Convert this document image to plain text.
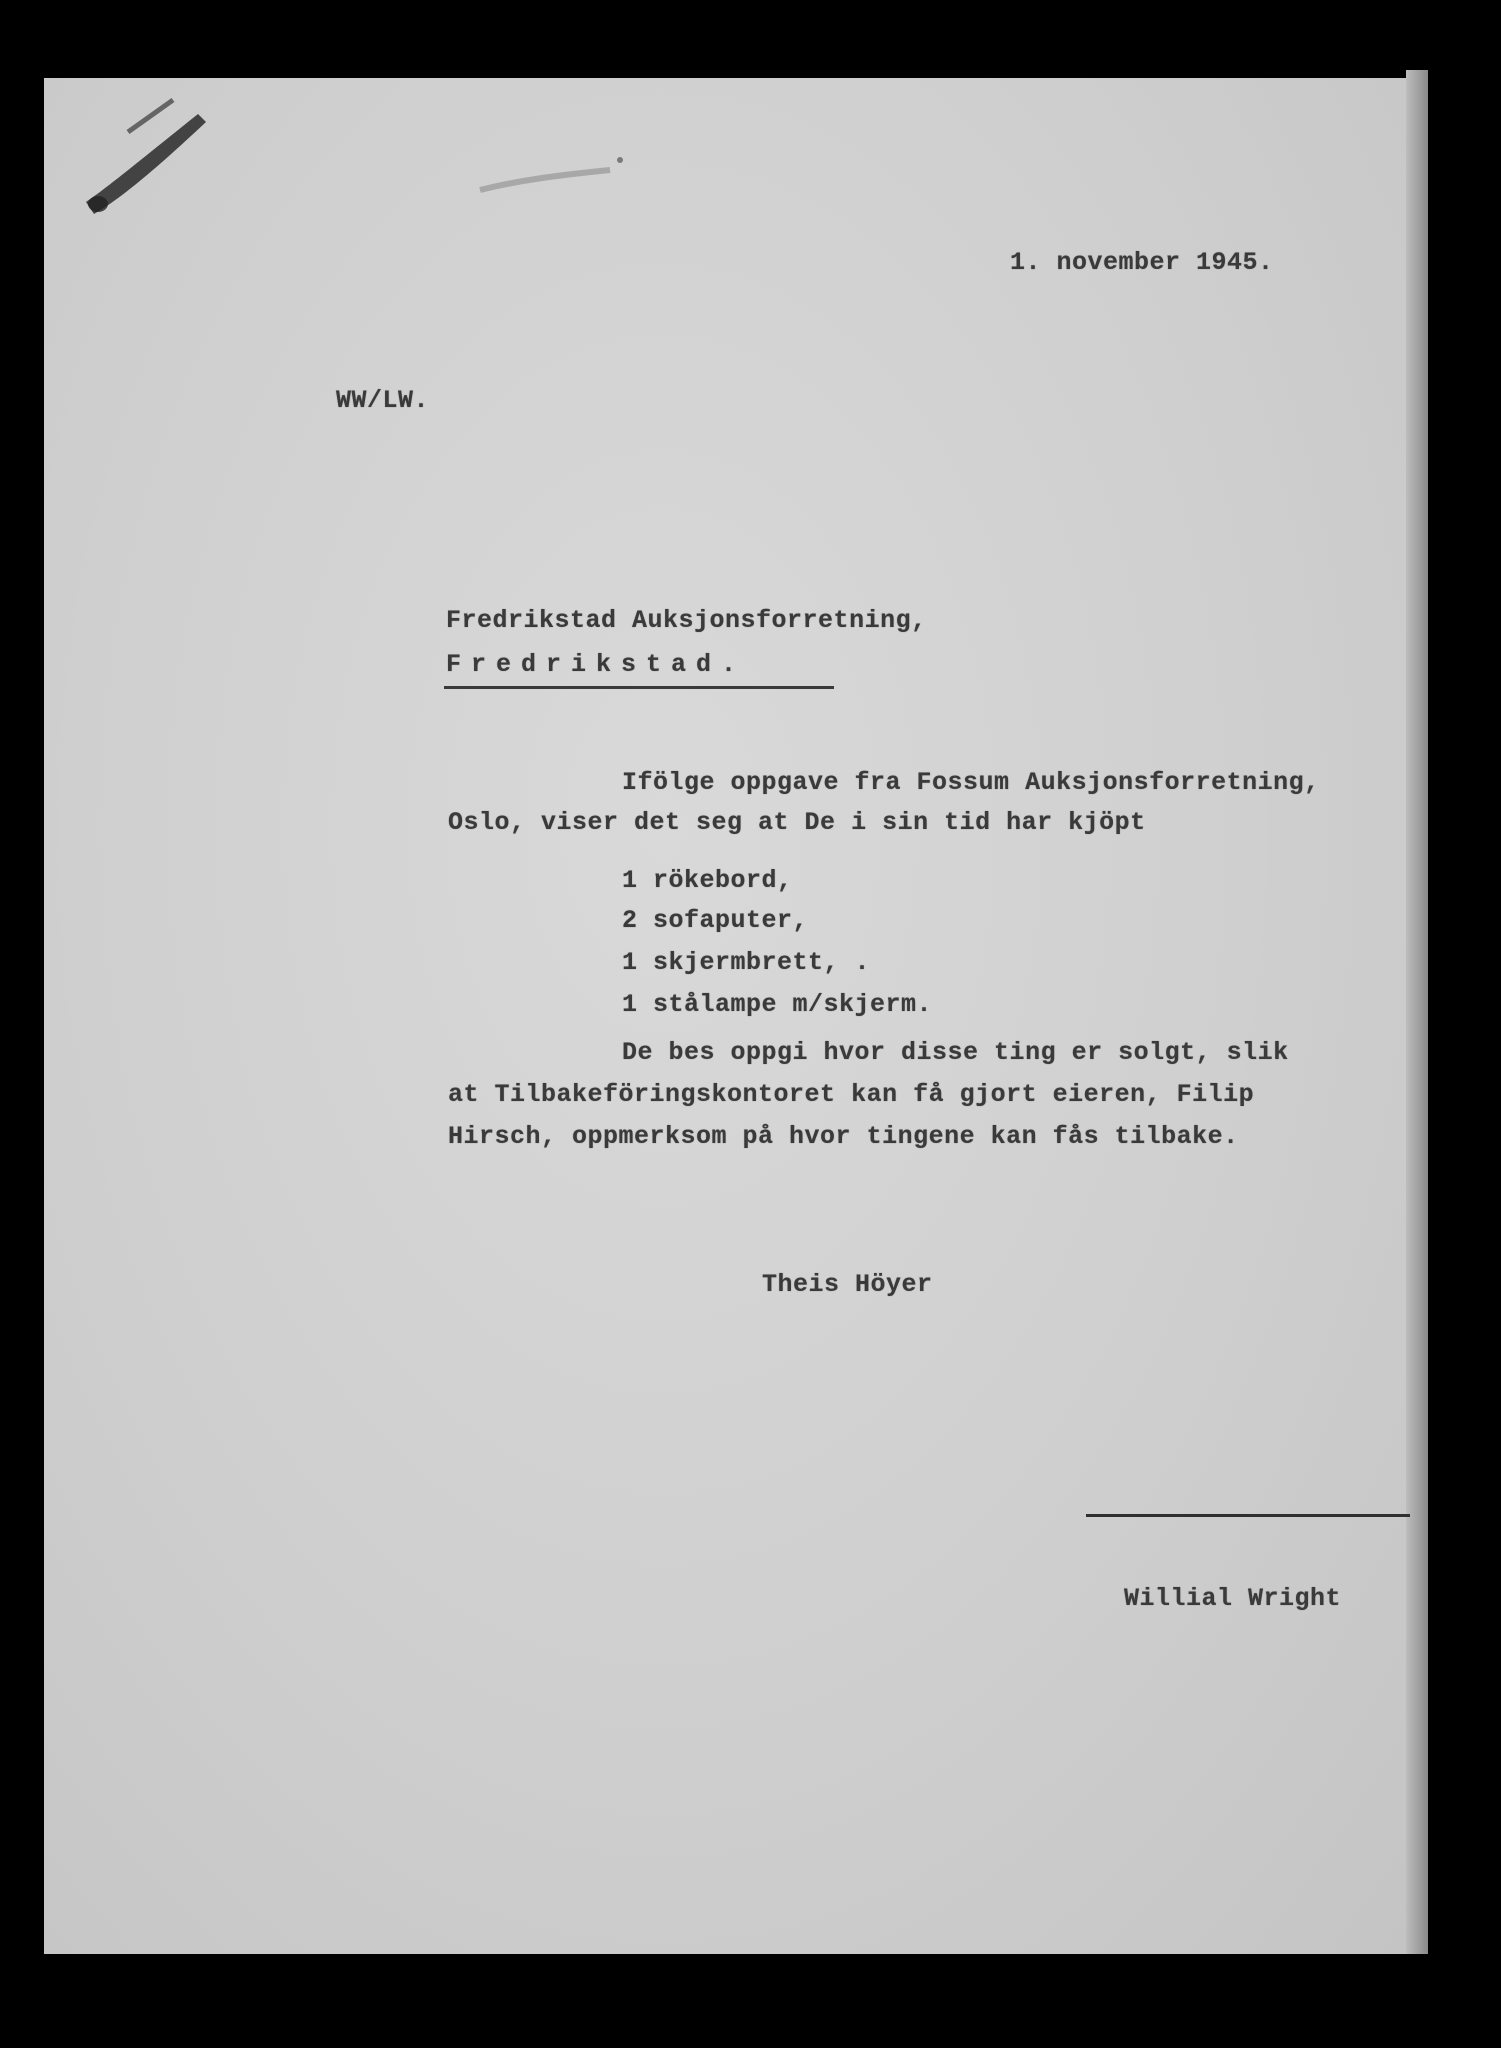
1. november 1945.

WW/LW.

Fredrikstad Auksjonsforretning,

Fredrikstad.

Ifölge oppgave fra Fossum Auksjonsforretning,

Oslo, viser det seg at De i sin tid har kjöpt

1 rökebord,

2 sofaputer,

1 skjermbrett, .

1 stålampe m/skjerm.

De bes oppgi hvor disse ting er solgt, slik

at Tilbakeföringskontoret kan få gjort eieren, Filip

Hirsch, oppmerksom på hvor tingene kan fås tilbake.

Theis Höyer

Willial Wright
